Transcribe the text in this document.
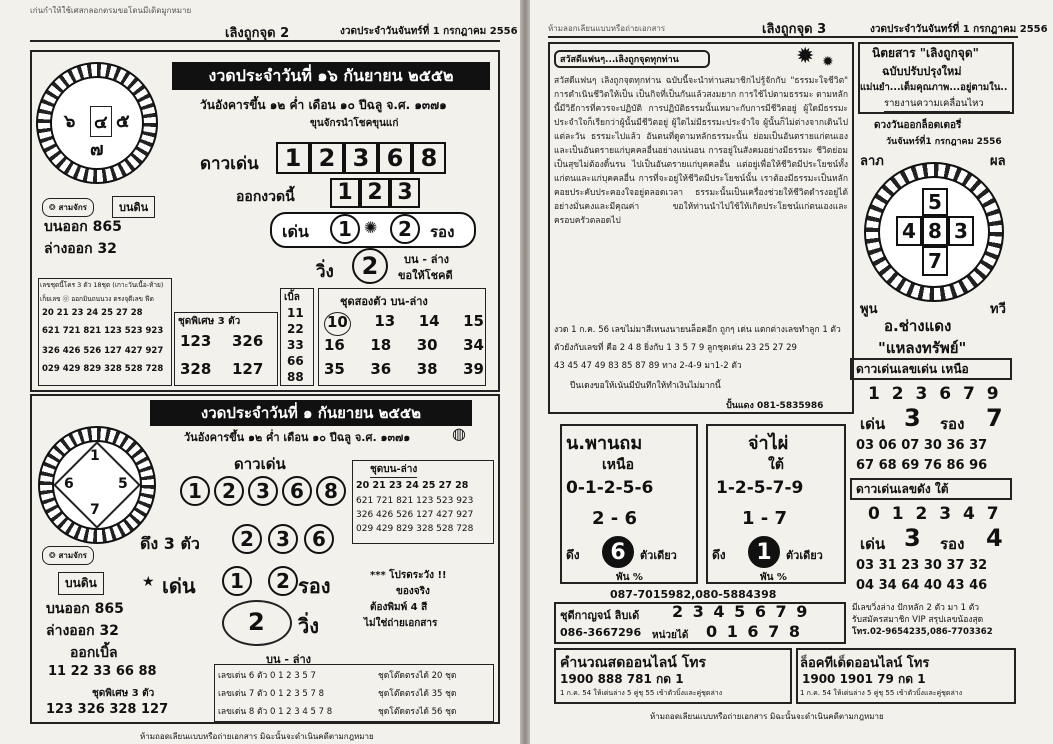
เก่นกำให้ใช้เศสกลอกตรมขอโดนมีเดิดมูกหมาย
เลิงถูกจุด 2	งวดประจำวันจันทร์ที่ 1 กรกฎาคม 2556
งวดประจำวันที่ ๑๖ กันยายน ๒๕๕๒
วันอังคารขึ้น ๑๒ ค่ำ เดือน ๑๐ ปีฉลู จ.ศ. ๑๓๗๑
๖ ๔ ๕
๗
ขุนจักรนำโชคขุนแก่
ดาวเด่น	1 2 3 6 8
ออกงวดนี้	1 2 3
เด่น	1 ✺	2	รอง
วิ่ง	2	บน - ล่าง
ขอให้โชคดี
❂ สามจักร	บนดิน
บนออก 865
ล่างออก 32
เลขชุดนี้โคร 3 ตัว 18ชุด (เกาะวันเนื้อ-ท้าย)
เก็ยเลข ⓪ ออกมินถนนวง ตรงจุดีเลข ฟีด
20 21 23 24 25 27 28
621 721 821 123 523 923
326 426 526 127 427 927
029 429 829 328 528 728
ชุดพิเศษ 3 ตัว
123 326
328 127
เบิ้ล
11
22
33
66
88
ชุดสองตัว บน-ล่าง
10 13 14 15
16 18 30 34
35 36 38 39
งวดประจำวันที่ ๑ กันยายน ๒๕๕๒
วันอังคารขึ้น ๑๒ ค่ำ เดือน ๑๐ ปีฉลู จ.ศ. ๑๓๗๑	◍
1
6	5
7
ดาวเด่น
1	2	3	6	8
ชุดบน-ล่าง
20 21 23 24 25 27 28
621 721 821 123 523 923
326 426 526 127 427 927
029 429 829 328 528 728
ดึง 3 ตัว	2	3	6
❂ สามจักร
บนดิน	★ เด่น	1	2 รอง	*** โปรดระวัง !!
ของจริง
ต้องพิมพ์ 4 สี
ไม่ใช่ถ่ายเอกสาร
บนออก 865
ล่างออก 32
ออกเบิ้ล
11 22 33 66 88
ชุดพิเศษ 3 ตัว
123 326 328 127
2 วิ่ง
บน - ล่าง
เลขเด่น 6 ตัว 0 1 2 3 5 7	ชุดโต๊ดตรงได้ 20 ชุด
เลขเด่น 7 ตัว 0 1 2 3 5 7 8	ชุดโต๊ดตรงได้ 35 ชุด
เลขเด่น 8 ตัว 0 1 2 3 4 5 7 8	ชุดโต๊ดตรงได้ 56 ชุด
ห้ามถอดเลียนแบบหรือถ่ายเอกสาร มิฉะนั้นจะดำเนินคดีตามกฎหมาย
ห้ามลอกเลียนแบบหรือถ่ายเอกสาร	เลิงถูกจุด 3	งวดประจำวันจันทร์ที่ 1 กรกฎาคม 2556
สวัสดีแฟนๆ...เลิงถูกจุดทุกท่าน	✹ ✹
สวัสดีแฟนๆ เลิงถูกจุดทุกท่าน ฉบับนี้จะนำท่านสมาชิกไปรู้จักกับ "ธรรมะใจชีวิต" การดำเนินชีวิตให้เป็น เป็นกิจที่เป็นกันแล้วสงมยาก การใช้ไปตามธรรมะ ตามหลักนี้มีวิธีการที่ควรจะปฏิบัติ การปฏิบัติธรรมนั้นเหมาะกับการมีชีวิตอยู่ ผู้ใดมีธรรมะประจำใจก็เรียกว่าผู้นั้นมีชีวิตอยู่ ผู้ใดไม่มีธรรมะประจำใจ ผู้นั้นก็ไม่ต่างจากเดินไปแต่ละวัน ธรรมะไปแล้ว อันตนที่ดูตามหลักธรรมะนั้น ย่อมเป็นอันตรายแก่ตนเองและเป็นอันตรายแก่บุคคลอื่นอย่างแน่นอน การอยู่ในสังคมอย่างมีธรรมะ ชีวิตย่อมเป็นสุขไม่ต้องดิ้นรน ไปเป็นอันตรายแก่บุคคลอื่น แต่อยู่เพื่อให้ชีวิตมีประโยชน์ทั้งแก่ตนและแก่บุคคลอื่น การที่จะอยู่ให้ชีวิตมีประโยชน์นั้น เราต้องมีธรรมะเป็นหลักคอยประคับประคองใจอยู่ตลอดเวลา ธรรมะนั้นเป็นเครื่องช่วยให้ชีวิตดำรงอยู่ได้อย่างมั่นคงและมีคุณค่า ขอให้ท่านนำไปใช้ให้เกิดประโยชน์แก่ตนเองและครอบครัวตลอดไป
งวด 1 ก.ค. 56 เลขไม่มาสีเหนงนายนล็อคอีก ถูกๆ เด่น แตกต่างเลขทำลูก 1 ตัว
ตัวยังกับเลขที่ คือ 2 4 8 ยิ่งกับ 1 3 5 7 9 ลูกชุดเด่น 23 25 27 29
43 45 47 49 83 85 87 89 ทาง 2-4-9 มา1-2 ตัว
ปีนเดงขอให้เน้นมีบันทึกให้ทำเงินไม่มากนี้
ปั้นแดง 081-5835986
นิตยสาร "เลิงถูกจุด"
ฉบับปรับปรุงใหม่
แม่นยำ...เต็มคุณภาพ...อยู่ตามใน..
รายงานความเคลื่อนไหว
ดวงวันออกล็อตเตอรี่
วันจันทร์ที่1 กรกฎาคม 2556
ลาภ	ผล
5
4 8 3
7
พูน	ทวี
อ.ช่างแดง
"แหลงทรัพย์"
ดาวเด่นเลขเด่น เหนือ
1 2 3 6 7 9
เด่น 3 รอง 7
03 06 07 30 36 37
67 68 69 76 86 96
ดาวเด่นเลขดัง ใต้
0 1 2 3 4 7
เด่น 3 รอง 4
03 31 23 30 37 32
04 34 64 40 43 46
มีเลขวิ่งล่าง ปักหลัก 2 ตัว มา 1 ตัว
รับสมัครสมาชิก VIP สรุปเลขน้องสุด
โทร.02-9654235,086-7703362
น.พานถม
เหนือ
0-1-2-5-6
2 - 6
ดึง	6	ตัวเดียว
พัน %
จ่าไผ่
ใต้
1-2-5-7-9
1 - 7
ดึง	1	ตัวเดียว
พัน %
087-7015982,080-5884398
ชุดีกาญจน์ ลิบเด้	2 3 4 5 6 7 9
086-3667296 หน่วยได้ 0 1 6 7 8
คำนวณสดออนไลน์ โทร
1900 888 781 กด 1
1 ก.ค. 54 ให้เด่นล่าง 5 คู่ชุ 55 เข้าตัวบิ้งและคู่ชุดล่าง
ล็อคทีเด็ดออนไลน์ โทร
1900 1901 79 กด 1
1 ก.ค. 54 ให้เด่นล่าง 5 คู่ชุ 55 เข้าตัวบิ้งและคู่ชุดล่าง
ห้ามถอดเลียนแบบหรือถ่ายเอกสาร มิฉะนั้นจะดำเนินคดีตามกฎหมาย
